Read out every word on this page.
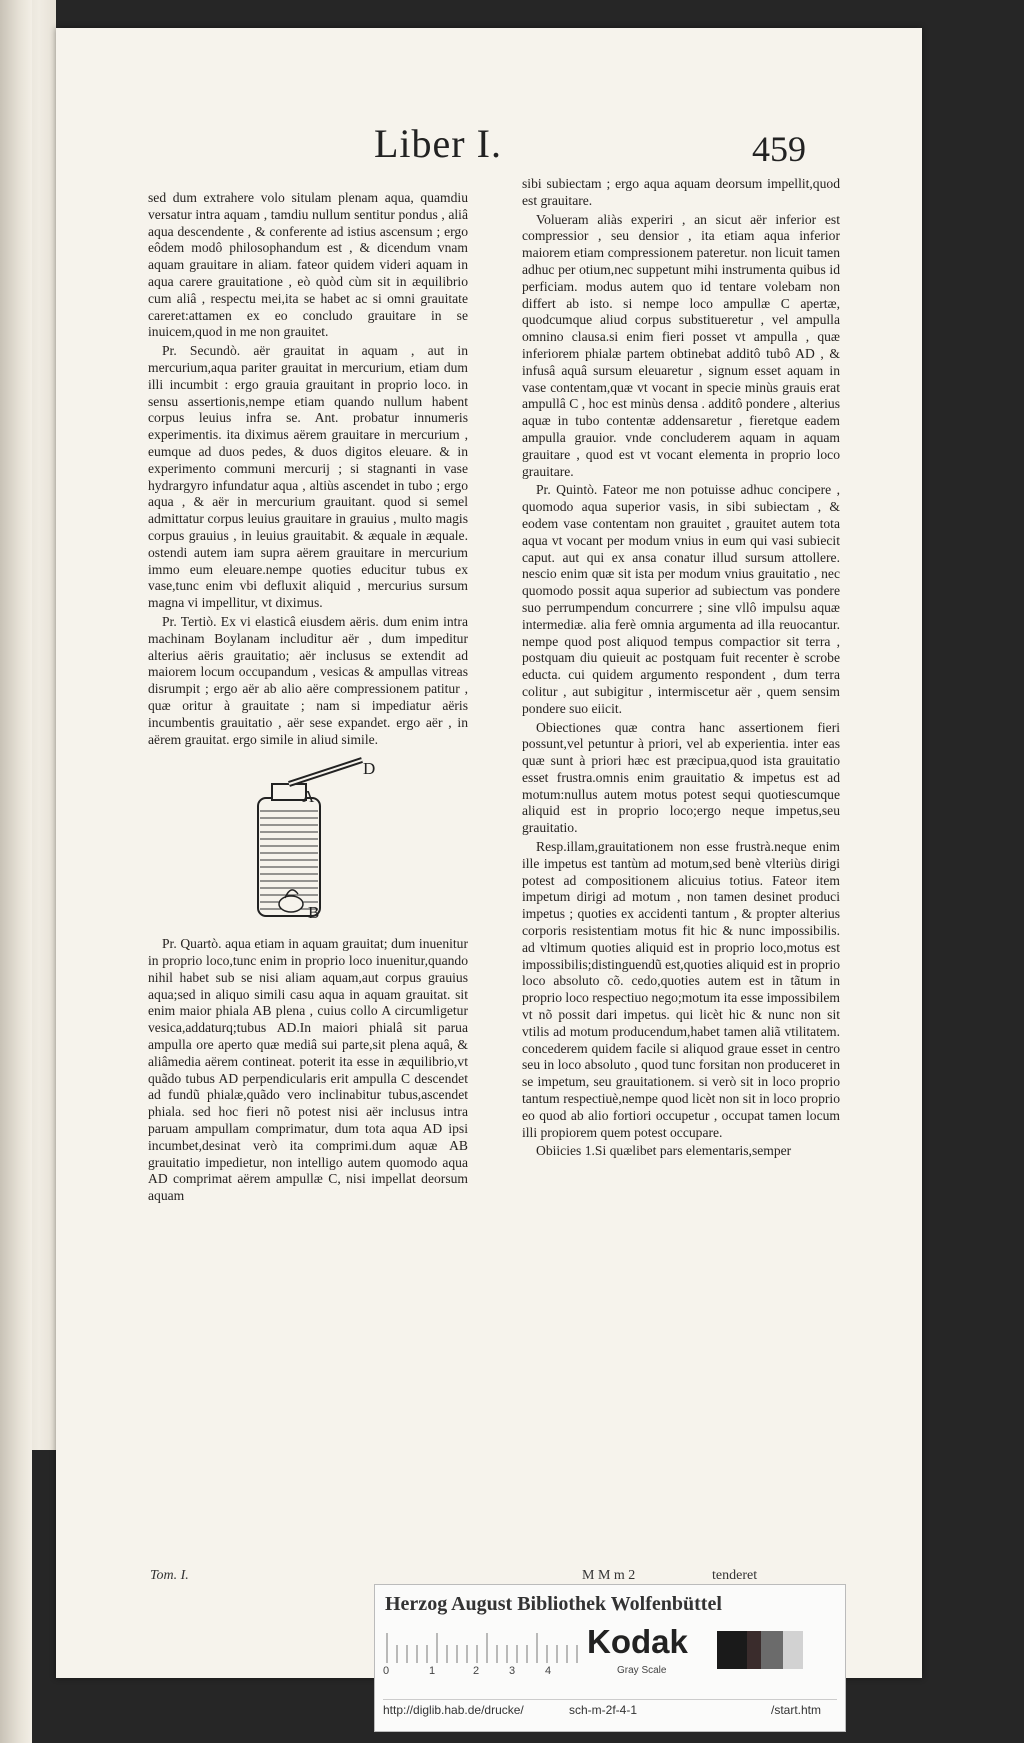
Liber I.	459

sed dum extrahere volo situlam plenam aqua, quamdiu versatur intra aquam , tamdiu nullum sentitur pondus , aliâ aqua descendente , & conferente ad istius ascensum ; ergo eôdem modô philosophandum est , & dicendum vnam aquam grauitare in aliam. fateor quidem videri aquam in aqua carere grauitatione , eò quòd cùm sit in æquilibrio cum aliâ , respectu mei,ita se habet ac si omni grauitate careret:attamen ex eo concludo grauitare in se inuicem,quod in me non grauitet.

Pr. Secundò. aër grauitat in aquam , aut in mercurium,aqua pariter grauitat in mercurium, etiam dum illi incumbit : ergo grauia grauitant in proprio loco. in sensu assertionis,nempe etiam quando nullum habent corpus leuius infra se. Ant. probatur innumeris experimentis. ita diximus aërem grauitare in mercurium , eumque ad duos pedes, & duos digitos eleuare. & in experimento communi mercurij ; si stagnanti in vase hydrargyro infundatur aqua , altiùs ascendet in tubo ; ergo aqua , & aër in mercurium grauitant. quod si semel admittatur corpus leuius grauitare in grauius , multo magis corpus grauius , in leuius grauitabit. & æquale in æquale. ostendi autem iam supra aërem grauitare in mercurium immo eum eleuare.nempe quoties educitur tubus ex vase,tunc enim vbi defluxit aliquid , mercurius sursum magna vi impellitur, vt diximus.

Pr. Tertiò. Ex vi elasticâ eiusdem aëris. dum enim intra machinam Boylanam includitur aër , dum impeditur alterius aëris grauitatio; aër inclusus se extendit ad maiorem locum occupandum , vesicas & ampullas vitreas disrumpit ; ergo aër ab alio aëre compressionem patitur , quæ oritur à grauitate ; nam si impediatur aëris incumbentis grauitatio , aër sese expandet. ergo aër , in aërem grauitat. ergo simile in aliud simile.

A
B
D

Pr. Quartò. aqua etiam in aquam grauitat; dum inuenitur in proprio loco,tunc enim in proprio loco inuenitur,quando nihil habet sub se nisi aliam aquam,aut corpus grauius aqua;sed in aliquo simili casu aqua in aquam grauitat. sit enim maior phiala AB plena , cuius collo A circumligetur vesica,addaturq;tubus AD.In maiori phialâ sit parua ampulla ore aperto quæ mediâ sui parte,sit plena aquâ, & aliâmedia aërem contineat. poterit ita esse in æquilibrio,vt quãdo tubus AD perpendicularis erit ampulla C descendet ad fundũ phialæ,quãdo vero inclinabitur tubus,ascendet phiala. sed hoc fieri nõ potest nisi aër inclusus intra paruam ampullam comprimatur, dum tota aqua AD ipsi incumbet,desinat verò ita comprimi.dum aquæ AB grauitatio impedietur, non intelligo autem quomodo aqua AD comprimat aërem ampullæ C, nisi impellat deorsum aquam

sibi subiectam ; ergo aqua aquam deorsum impellit,quod est grauitare.

Volueram aliàs experiri , an sicut aër inferior est compressior , seu densior , ita etiam aqua inferior maiorem etiam compressionem pateretur. non licuit tamen adhuc per otium,nec suppetunt mihi instrumenta quibus id perficiam. modus autem quo id tentare volebam non differt ab isto. si nempe loco ampullæ C apertæ, quodcumque aliud corpus substitueretur , vel ampulla omnino clausa.si enim fieri posset vt ampulla , quæ inferiorem phialæ partem obtinebat additô tubô AD , & infusâ aquâ sursum eleuaretur , signum esset aquam in vase contentam,quæ vt vocant in specie minùs grauis erat ampullâ C , hoc est minùs densa . additô pondere , alterius aquæ in tubo contentæ addensaretur , fieretque eadem ampulla grauior. vnde concluderem aquam in aquam grauitare , quod est vt vocant elementa in proprio loco grauitare.

Pr. Quintò. Fateor me non potuisse adhuc concipere , quomodo aqua superior vasis, in sibi subiectam , & eodem vase contentam non grauitet , grauitet autem tota aqua vt vocant per modum vnius in eum qui vasi subiecit caput. aut qui ex ansa conatur illud sursum attollere. nescio enim quæ sit ista per modum vnius grauitatio , nec quomodo possit aqua superior ad subiectum vas pondere suo perrumpendum concurrere ; sine vllô impulsu aquæ intermediæ. alia ferè omnia argumenta ad illa reuocantur. nempe quod post aliquod tempus compactior sit terra , postquam diu quieuit ac postquam fuit recenter è scrobe educta. cui quidem argumento respondent , dum terra colitur , aut subigitur , intermiscetur aër , quem sensim pondere suo eiicit.

Obiectiones quæ contra hanc assertionem fieri possunt,vel petuntur à priori, vel ab experientia. inter eas quæ sunt à priori hæc est præcipua,quod ista grauitatio esset frustra.omnis enim grauitatio & impetus est ad motum:nullus autem motus potest sequi quotiescumque aliquid est in proprio loco;ergo neque impetus,seu grauitatio.

Resp.illam,grauitationem non esse frustrà.neque enim ille impetus est tantùm ad motum,sed benè vlteriùs dirigi potest ad compositionem alicuius totius. Fateor item impetum dirigi ad motum , non tamen desinet produci impetus ; quoties ex accidenti tantum , & propter alterius corporis resistentiam motus fit hic & nunc impossibilis. ad vltimum quoties aliquid est in proprio loco,motus est impossibilis;distinguendũ est,quoties aliquid est in proprio loco absoluto cõ. cedo,quoties autem est in tãtum in proprio loco respectiuo nego;motum ita esse impossibilem vt nõ possit dari impetus. qui licèt hic & nunc non sit vtilis ad motum producendum,habet tamen aliã vtilitatem. concederem quidem facile si aliquod graue esset in centro seu in loco absoluto , quod tunc forsitan non produceret in se impetum, seu grauitationem. si verò sit in loco proprio tantum respectiuè,nempe quod licèt non sit in loco proprio eo quod ab alio fortiori occupetur , occupat tamen locum illi propiorem quem potest occupare.

Obiicies 1.Si quælibet pars elementaris,semper

Tom. I.	M M m 2	tenderet
Herzog August Bibliothek Wolfenbüttel
0	1	2	3	4
Kodak
Gray Scale
http://diglib.hab.de/drucke/	sch-m-2f-4-1	/start.htm
